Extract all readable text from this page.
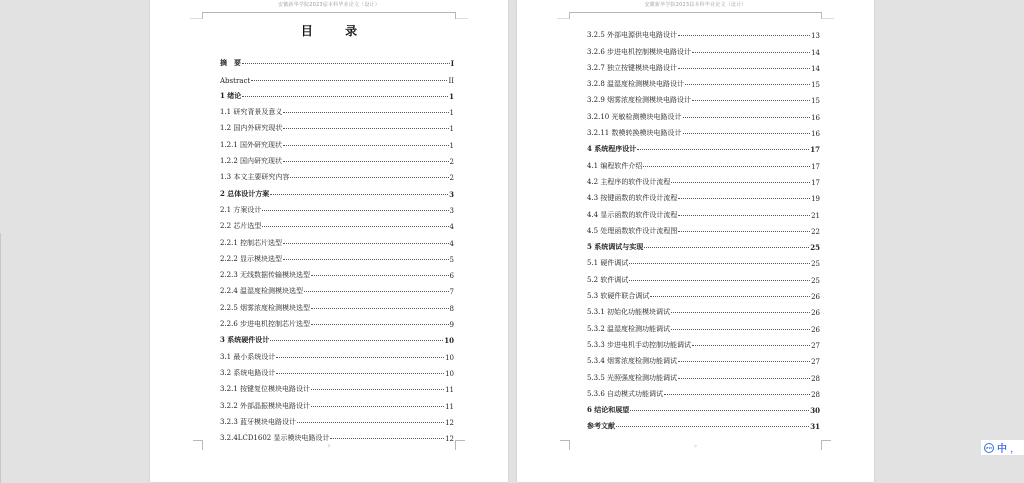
安徽新华学院2023届本科毕业论文（设计）
目 录
摘　要	I
Abstract	II
1 绪论	1
1.1 研究背景及意义	1
1.2 国内外研究现状	1
1.2.1 国外研究现状	1
1.2.2 国内研究现状	2
1.3 本文主要研究内容	2
2 总体设计方案	3
2.1 方案设计	3
2.2 芯片选型	4
2.2.1 控制芯片选型	4
2.2.2 显示模块选型	5
2.2.3 无线数据传输模块选型	6
2.2.4 温湿度检测模块选型	7
2.2.5 烟雾浓度检测模块选型	8
2.2.6 步进电机控制芯片选型	9
3 系统硬件设计	10
3.1 最小系统设计	10
3.2 系统电路设计	10
3.2.1 按键复位模块电路设计	11
3.2.2 外部晶振模块电路设计	11
3.2.3 蓝牙模块电路设计	12
3.2.4LCD1602 显示模块电路设计	12
1
安徽新华学院2023届本科毕业论文（设计）
3.2.5 外部电源供电电路设计	13
3.2.6 步进电机控制模块电路设计	14
3.2.7 独立按键模块电路设计	14
3.2.8 温湿度检测模块电路设计	15
3.2.9 烟雾浓度检测模块电路设计	15
3.2.10 光敏检测模块电路设计	16
3.2.11 数模转换模块电路设计	16
4 系统程序设计	17
4.1 编程软件介绍	17
4.2 主程序的软件设计流程	17
4.3 按键函数的软件设计流程	19
4.4 显示函数的软件设计流程	21
4.5 处理函数软件设计流程图	22
5 系统调试与实现	25
5.1 硬件调试	25
5.2 软件调试	25
5.3 软硬件联合调试	26
5.3.1 初始化功能模块调试	26
5.3.2 温湿度检测功能调试	26
5.3.3 步进电机手动控制功能调试	27
5.3.4 烟雾浓度检测功能调试	27
5.3.5 光照强度检测功能调试	28
5.3.6 自动模式功能调试	28
6 结论和展望	30
参考文献	31
2	iFLY 中 ，
